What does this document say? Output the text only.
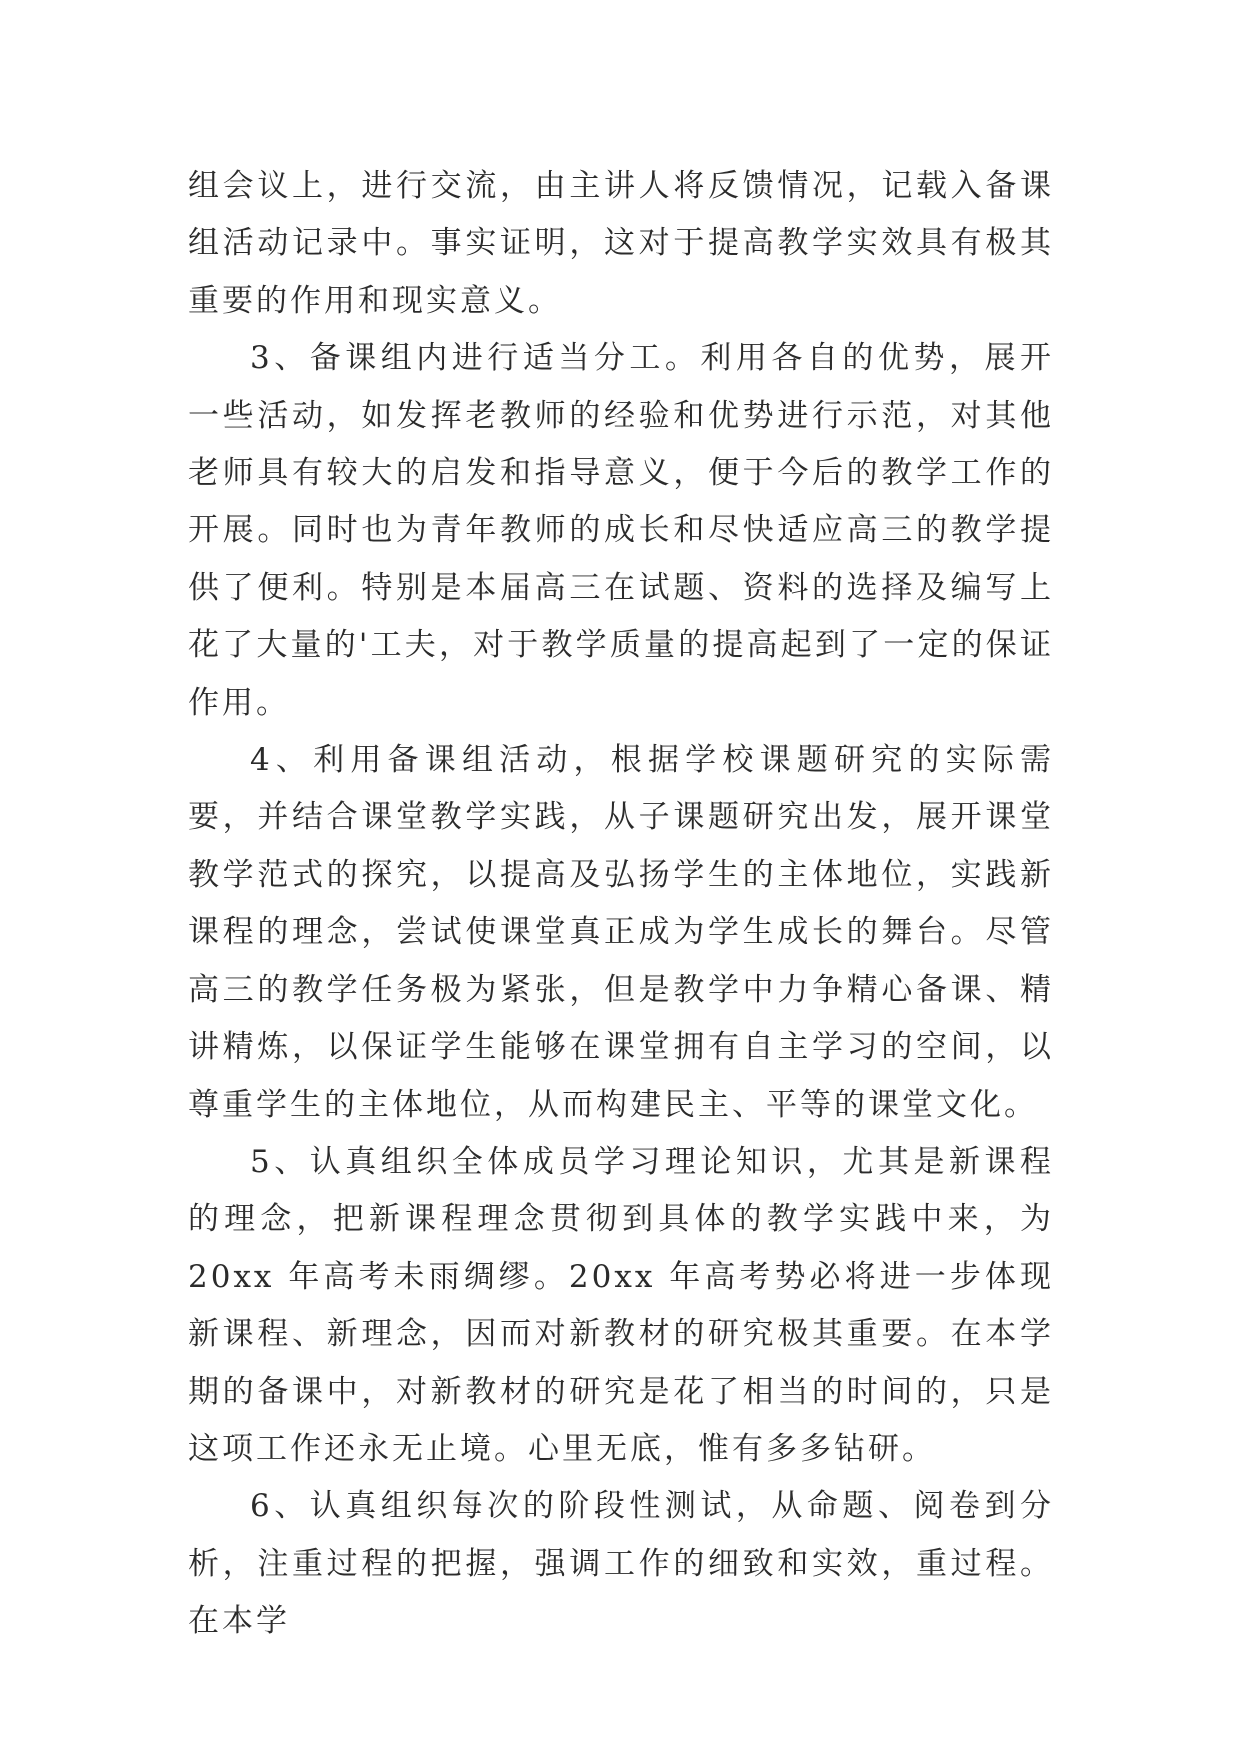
组会议上，进行交流，由主讲人将反馈情况，记载入备课组活动记录中。事实证明，这对于提高教学实效具有极其重要的作用和现实意义。

3、备课组内进行适当分工。利用各自的优势，展开一些活动，如发挥老教师的经验和优势进行示范，对其他老师具有较大的启发和指导意义，便于今后的教学工作的开展。同时也为青年教师的成长和尽快适应高三的教学提供了便利。特别是本届高三在试题、资料的选择及编写上花了大量的'工夫，对于教学质量的提高起到了一定的保证作用。

4、利用备课组活动，根据学校课题研究的实际需要，并结合课堂教学实践，从子课题研究出发，展开课堂教学范式的探究，以提高及弘扬学生的主体地位，实践新课程的理念，尝试使课堂真正成为学生成长的舞台。尽管高三的教学任务极为紧张，但是教学中力争精心备课、精讲精炼，以保证学生能够在课堂拥有自主学习的空间，以尊重学生的主体地位，从而构建民主、平等的课堂文化。

5、认真组织全体成员学习理论知识，尤其是新课程的理念，把新课程理念贯彻到具体的教学实践中来，为 20xx 年高考未雨绸缪。20xx 年高考势必将进一步体现新课程、新理念，因而对新教材的研究极其重要。在本学期的备课中，对新教材的研究是花了相当的时间的，只是这项工作还永无止境。心里无底，惟有多多钻研。

6、认真组织每次的阶段性测试，从命题、阅卷到分析，注重过程的把握，强调工作的细致和实效，重过程。在本学
